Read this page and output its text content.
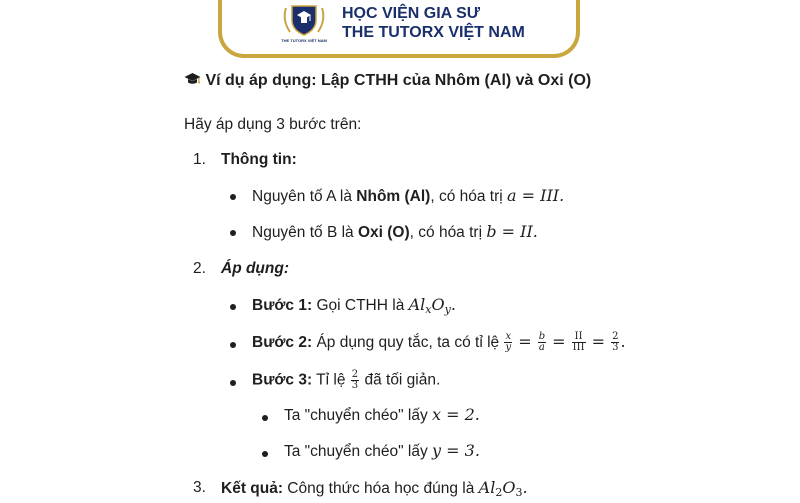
THE TUTORX VIỆT NAM
HỌC VIỆN GIA SƯ
THE TUTORX VIỆT NAM
Ví dụ áp dụng: Lập CTHH của Nhôm (Al) và Oxi (O)
Hãy áp dụng 3 bước trên:
1. Thông tin:
Nguyên tố A là Nhôm (Al), có hóa trị a = III.
Nguyên tố B là Oxi (O), có hóa trị b = II.
2. Áp dụng:
Bước 1: Gọi CTHH là $Al_xO_y$.
Bước 2: Áp dụng quy tắc, ta có tỉ lệ $\frac{x}{y} = \frac{b}{a} = \frac{II}{\text{III}} = \frac{2}{3}$ .
Bước 3: Tỉ lệ $\frac{2}{3}$ đã tối giản.
Ta "chuyển chéo" lấy x = 2.
Ta "chuyển chéo" lấy y = 3.
3. Kết quả: Công thức hóa học đúng là $Al_2O_3$.
